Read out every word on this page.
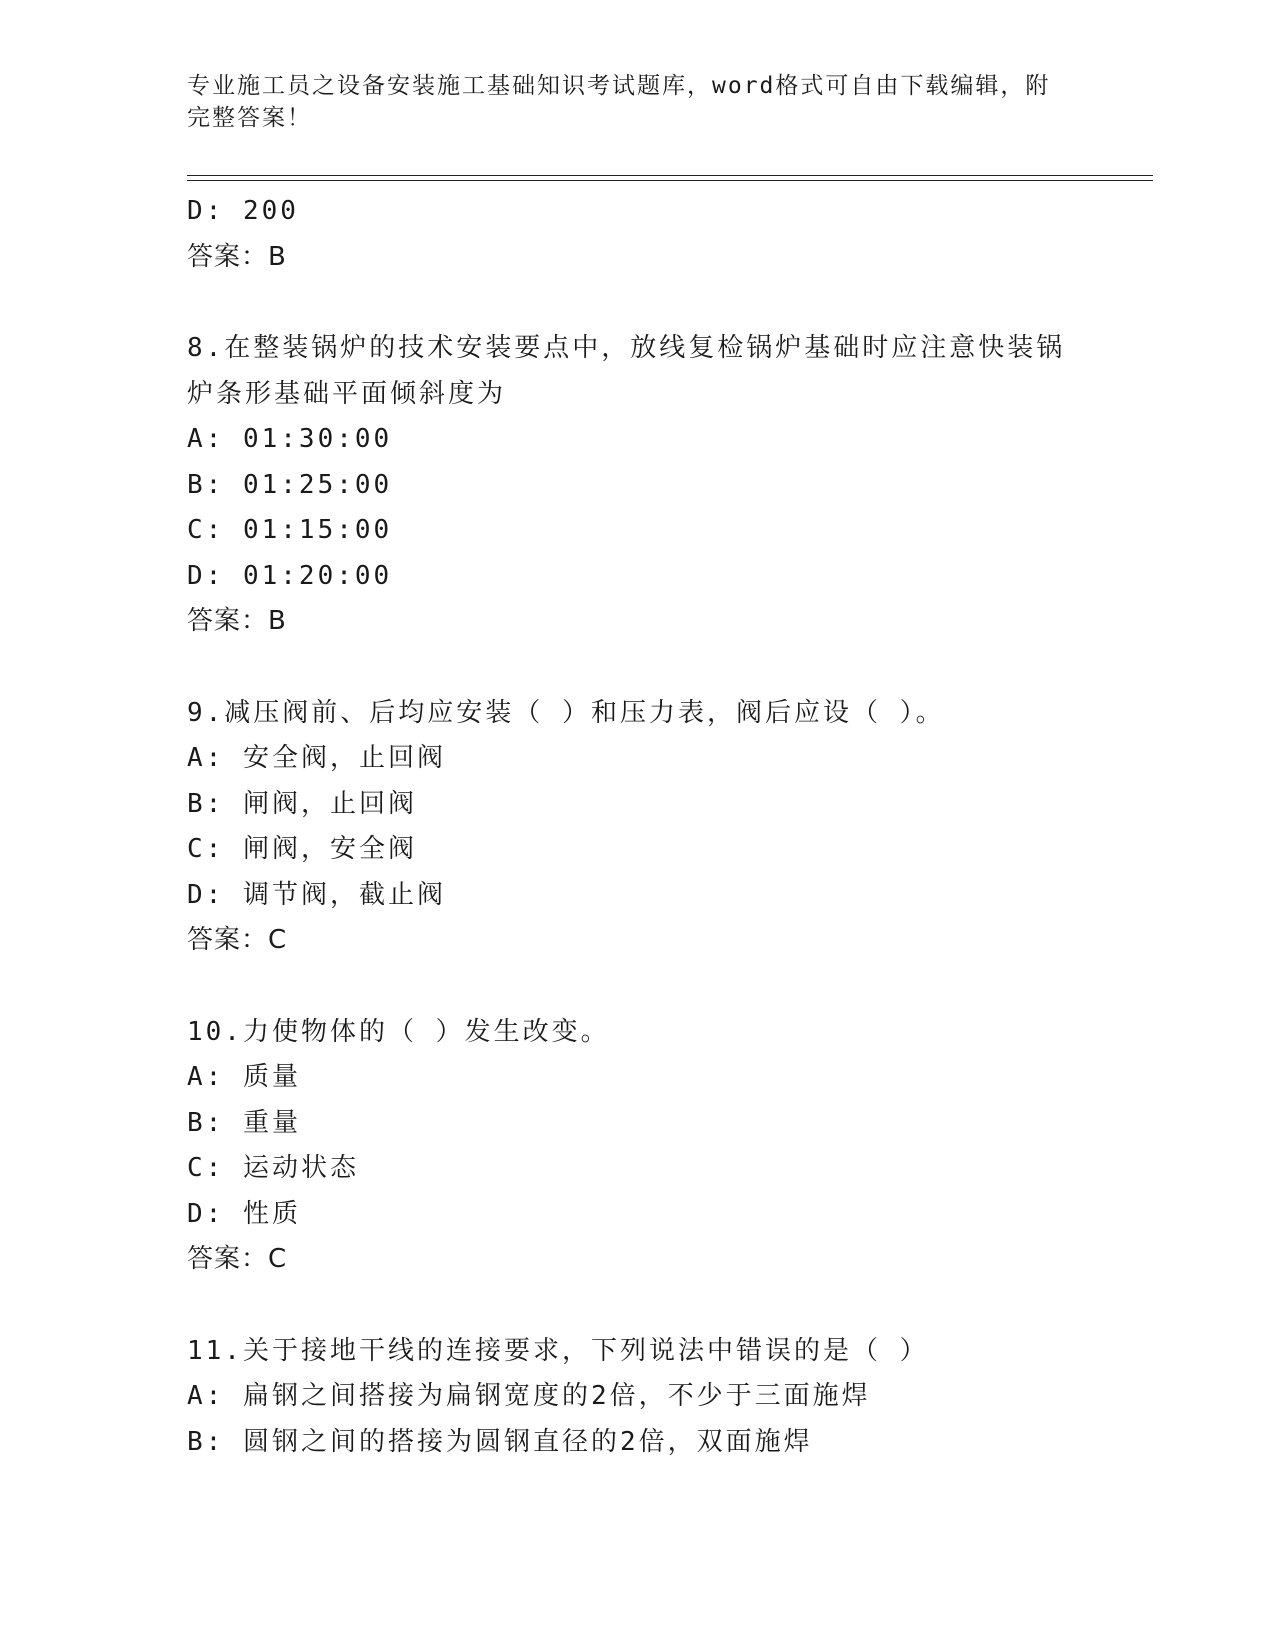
专业施工员之设备安装施工基础知识考试题库，word格式可自由下载编辑，附完整答案！
D: 200
答案：B
8.在整装锅炉的技术安装要点中，放线复检锅炉基础时应注意快装锅
炉条形基础平面倾斜度为
A: 01:30:00
B: 01:25:00
C: 01:15:00
D: 01:20:00
答案：B
9.减压阀前、后均应安装（ ）和压力表，阀后应设（ ）。
A: 安全阀，止回阀
B: 闸阀，止回阀
C: 闸阀，安全阀
D: 调节阀，截止阀
答案：C
10.力使物体的（ ）发生改变。
A: 质量
B: 重量
C: 运动状态
D: 性质
答案：C
11.关于接地干线的连接要求，下列说法中错误的是（ ）
A: 扁钢之间搭接为扁钢宽度的2倍，不少于三面施焊
B: 圆钢之间的搭接为圆钢直径的2倍，双面施焊
